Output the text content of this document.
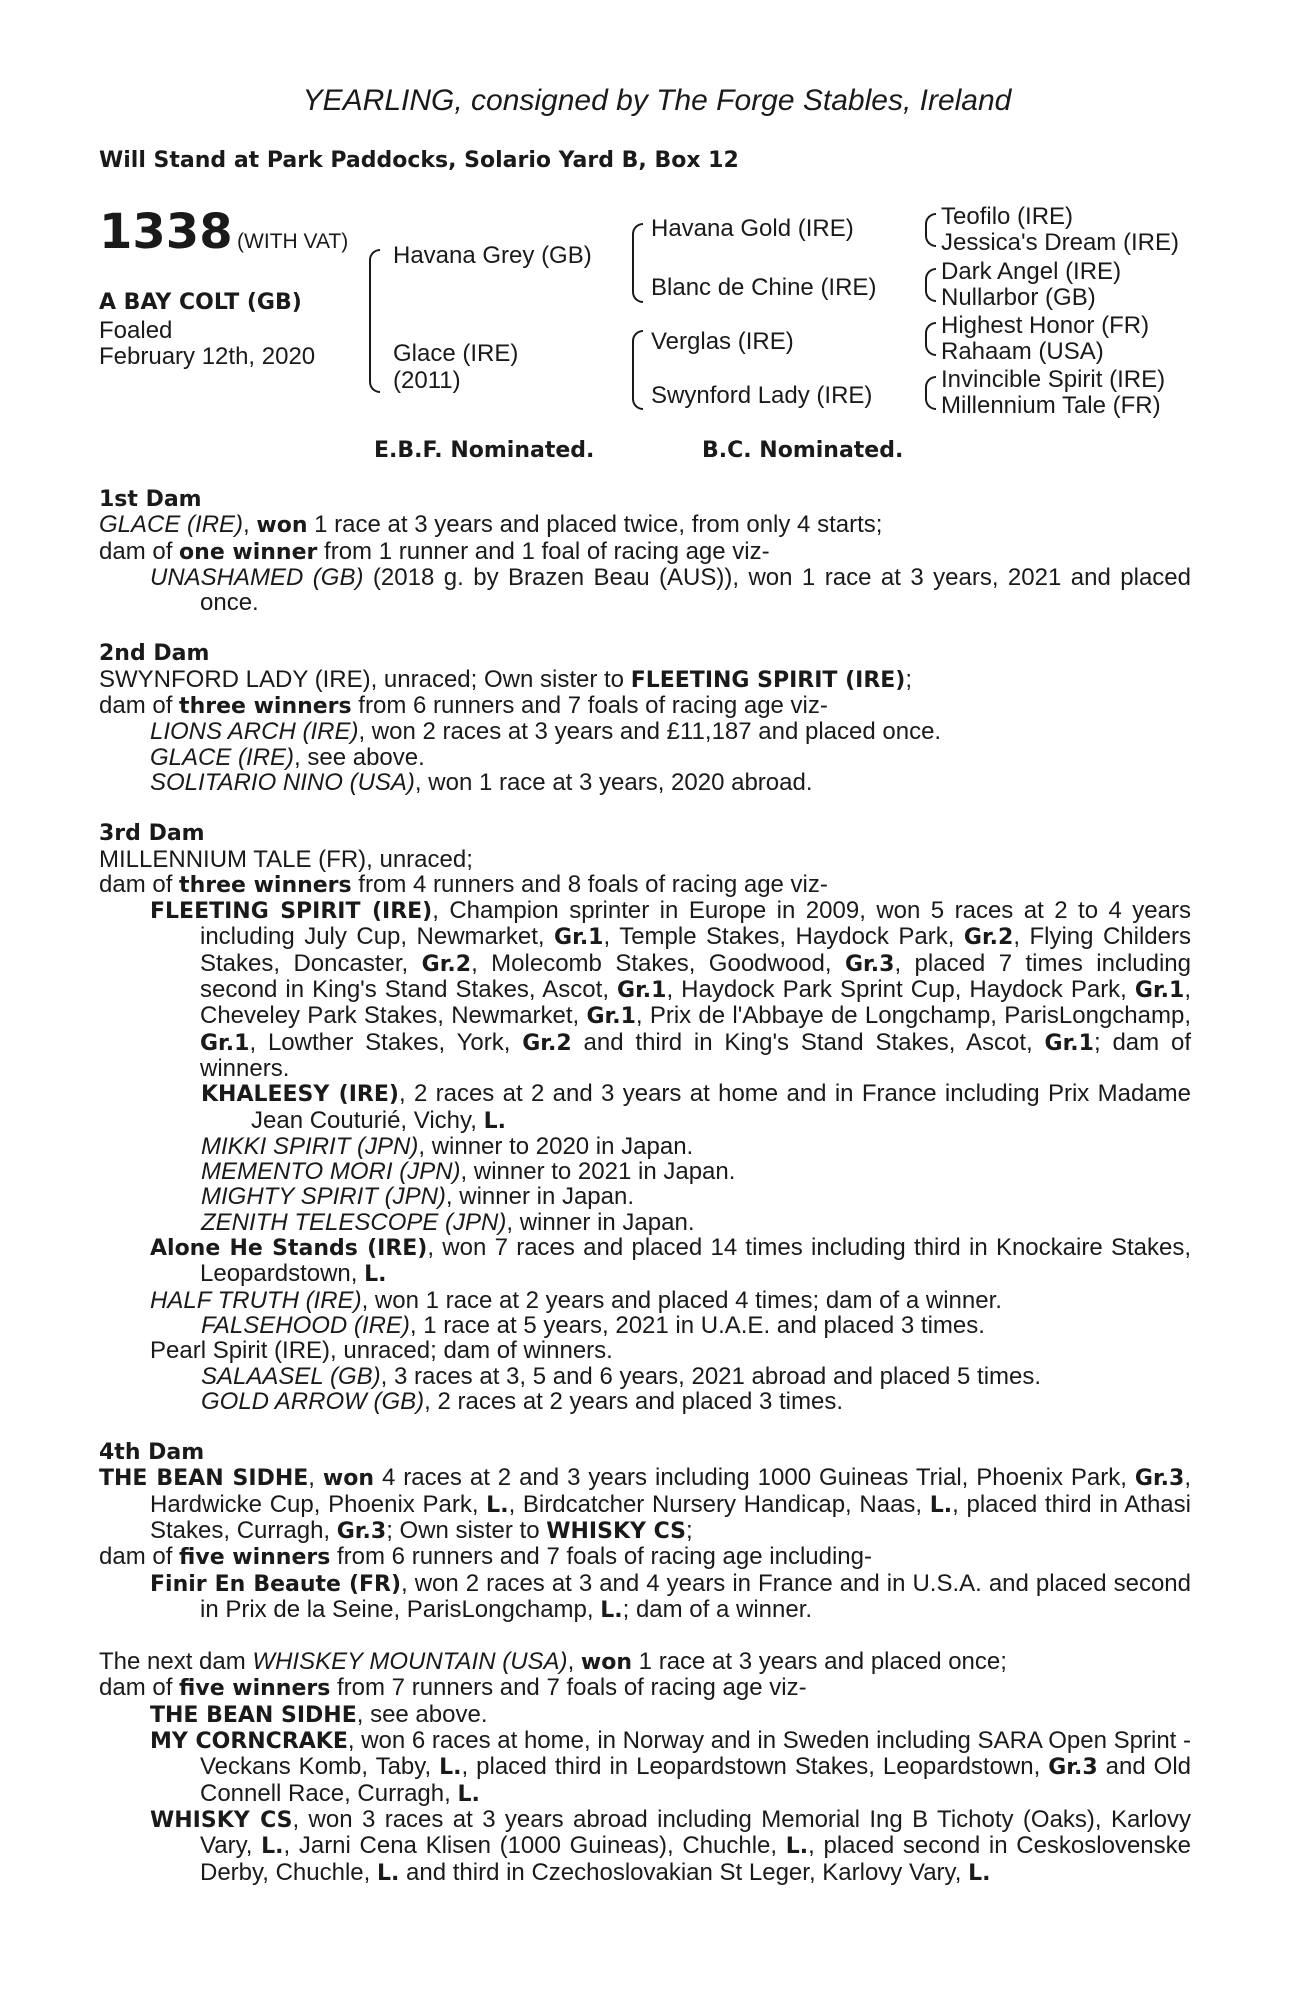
YEARLING, consigned by The Forge Stables, Ireland
Will Stand at Park Paddocks, Solario Yard B, Box 12
1338 (WITH VAT)
A BAY COLT (GB)
Foaled
February 12th, 2020
Havana Grey (GB)
Glace (IRE)
(2011)
Havana Gold (IRE)
Blanc de Chine (IRE)
Verglas (IRE)
Swynford Lady (IRE)
Teofilo (IRE)
Jessica's Dream (IRE)
Dark Angel (IRE)
Nullarbor (GB)
Highest Honor (FR)
Rahaam (USA)
Invincible Spirit (IRE)
Millennium Tale (FR)
E.B.F. Nominated.	B.C. Nominated.

1st Dam

GLACE (IRE), won 1 race at 3 years and placed twice, from only 4 starts;

dam of one winner from 1 runner and 1 foal of racing age viz-

UNASHAMED (GB) (2018 g. by Brazen Beau (AUS)), won 1 race at 3 years, 2021 and placed once.

2nd Dam

SWYNFORD LADY (IRE), unraced; Own sister to FLEETING SPIRIT (IRE);

dam of three winners from 6 runners and 7 foals of racing age viz-

LIONS ARCH (IRE), won 2 races at 3 years and £11,187 and placed once.

GLACE (IRE), see above.

SOLITARIO NINO (USA), won 1 race at 3 years, 2020 abroad.

3rd Dam

MILLENNIUM TALE (FR), unraced;

dam of three winners from 4 runners and 8 foals of racing age viz-

FLEETING SPIRIT (IRE), Champion sprinter in Europe in 2009, won 5 races at 2 to 4 years including July Cup, Newmarket, Gr.1, Temple Stakes, Haydock Park, Gr.2, Flying Childers Stakes, Doncaster, Gr.2, Molecomb Stakes, Goodwood, Gr.3, placed 7 times including second in King's Stand Stakes, Ascot, Gr.1, Haydock Park Sprint Cup, Haydock Park, Gr.1, Cheveley Park Stakes, Newmarket, Gr.1, Prix de l'Abbaye de Longchamp, ParisLongchamp, Gr.1, Lowther Stakes, York, Gr.2 and third in King's Stand Stakes, Ascot, Gr.1; dam of winners.

KHALEESY (IRE), 2 races at 2 and 3 years at home and in France including Prix Madame Jean Couturié, Vichy, L.

MIKKI SPIRIT (JPN), winner to 2020 in Japan.

MEMENTO MORI (JPN), winner to 2021 in Japan.

MIGHTY SPIRIT (JPN), winner in Japan.

ZENITH TELESCOPE (JPN), winner in Japan.

Alone He Stands (IRE), won 7 races and placed 14 times including third in Knockaire Stakes, Leopardstown, L.

HALF TRUTH (IRE), won 1 race at 2 years and placed 4 times; dam of a winner.

FALSEHOOD (IRE), 1 race at 5 years, 2021 in U.A.E. and placed 3 times.

Pearl Spirit (IRE), unraced; dam of winners.

SALAASEL (GB), 3 races at 3, 5 and 6 years, 2021 abroad and placed 5 times.

GOLD ARROW (GB), 2 races at 2 years and placed 3 times.

4th Dam

THE BEAN SIDHE, won 4 races at 2 and 3 years including 1000 Guineas Trial, Phoenix Park, Gr.3, Hardwicke Cup, Phoenix Park, L., Birdcatcher Nursery Handicap, Naas, L., placed third in Athasi Stakes, Curragh, Gr.3; Own sister to WHISKY CS;

dam of five winners from 6 runners and 7 foals of racing age including-

Finir En Beaute (FR), won 2 races at 3 and 4 years in France and in U.S.A. and placed second in Prix de la Seine, ParisLongchamp, L.; dam of a winner.

The next dam WHISKEY MOUNTAIN (USA), won 1 race at 3 years and placed once;

dam of five winners from 7 runners and 7 foals of racing age viz-

THE BEAN SIDHE, see above.

MY CORNCRAKE, won 6 races at home, in Norway and in Sweden including SARA Open Sprint - Veckans Komb, Taby, L., placed third in Leopardstown Stakes, Leopardstown, Gr.3 and Old Connell Race, Curragh, L.

WHISKY CS, won 3 races at 3 years abroad including Memorial Ing B Tichoty (Oaks), Karlovy Vary, L., Jarni Cena Klisen (1000 Guineas), Chuchle, L., placed second in Ceskoslovenske Derby, Chuchle, L. and third in Czechoslovakian St Leger, Karlovy Vary, L.
